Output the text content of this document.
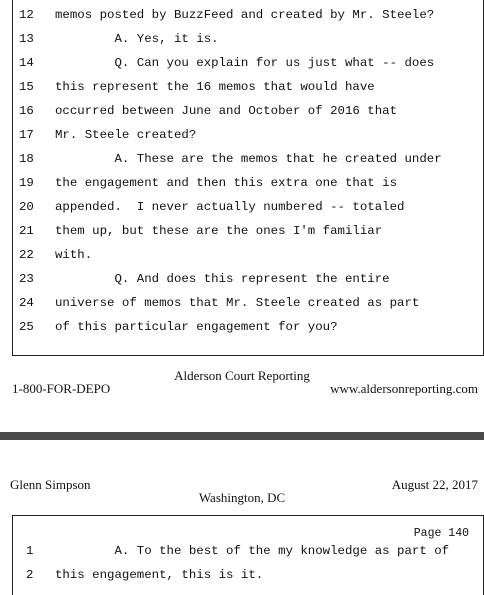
12	memos posted by BuzzFeed and created by Mr. Steele?
13	A. Yes, it is.
14	Q. Can you explain for us just what -- does
15	this represent the 16 memos that would have
16	occurred between June and October of 2016 that
17	Mr. Steele created?
18	A. These are the memos that he created under
19	the engagement and then this extra one that is
20	appended.  I never actually numbered -- totaled
21	them up, but these are the ones I'm familiar
22	with.
23	Q. And does this represent the entire
24	universe of memos that Mr. Steele created as part
25	of this particular engagement for you?
Alderson Court Reporting
1-800-FOR-DEPO	www.aldersonreporting.com
Glenn Simpson	August 22, 2017
Washington, DC
Page 140
1	A. To the best of the my knowledge as part of
2	this engagement, this is it.
